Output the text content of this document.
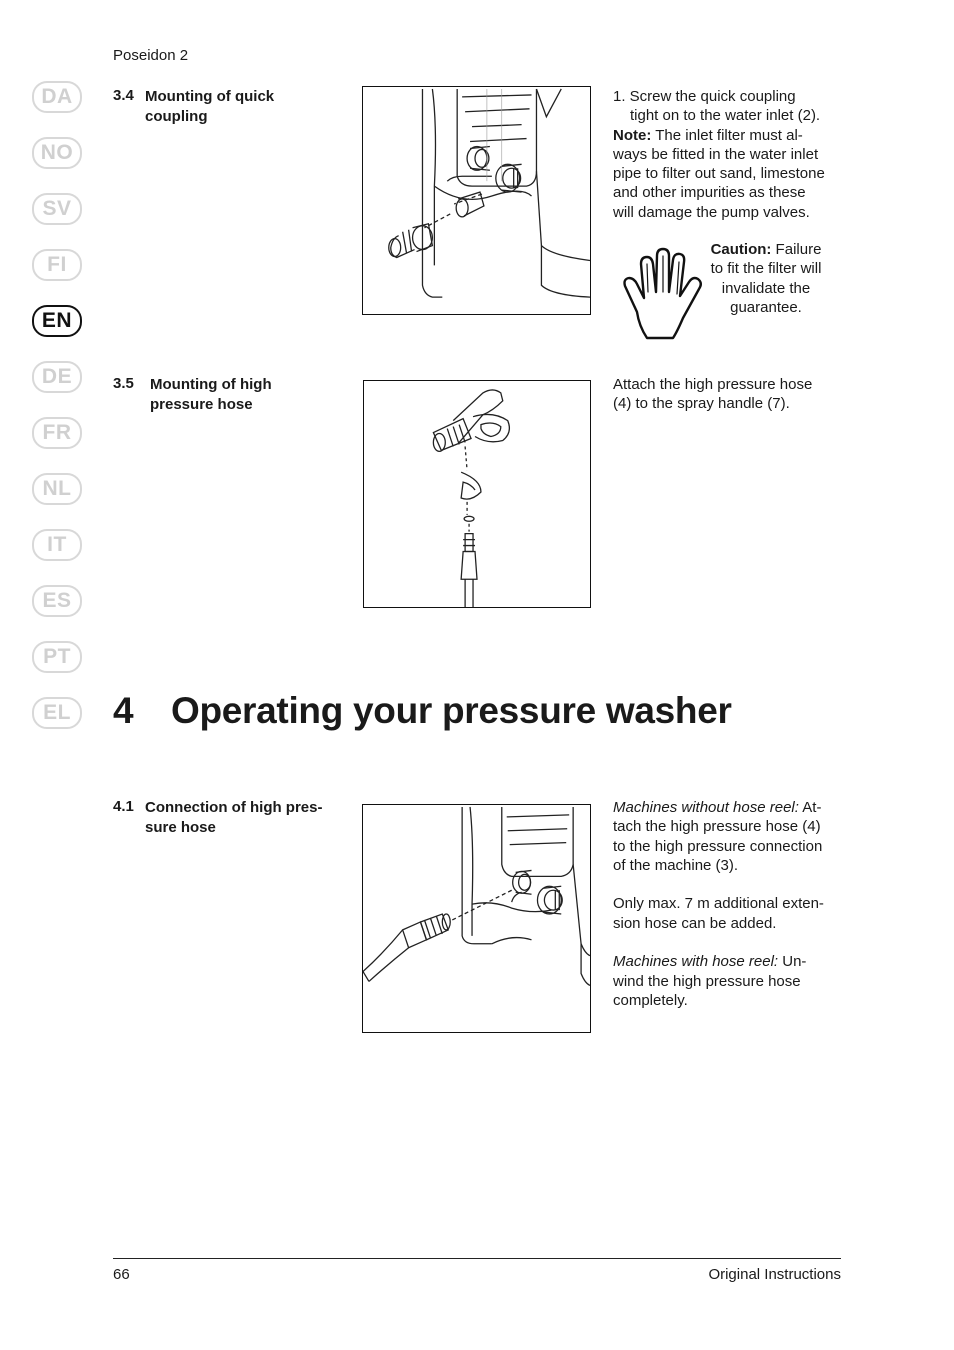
Poseidon 2
DA
NO
SV
FI
EN
DE
FR
NL
IT
ES
PT
EL
3.4 Mounting of quick
coupling
1. Screw the quick coupling
tight on to the water inlet (2).
Note: The inlet filter must al-
ways be fitted in the water inlet
pipe to filter out sand, limestone
and other impurities as these
will damage the pump valves.
Caution: Failure
to fit the filter will
invalidate the
guarantee.
3.5 Mounting of high
pressure hose
Attach the high pressure hose
(4) to the spray handle (7).
4 Operating your pressure washer
4.1 Connection of high pres-
sure hose
Machines without hose reel: At-
tach the high pressure hose (4)
to the high pressure connection
of the machine (3).
Only max. 7 m additional exten-
sion hose can be added.
Machines with hose reel: Un-
wind the high pressure hose
completely.
66	Original Instructions
